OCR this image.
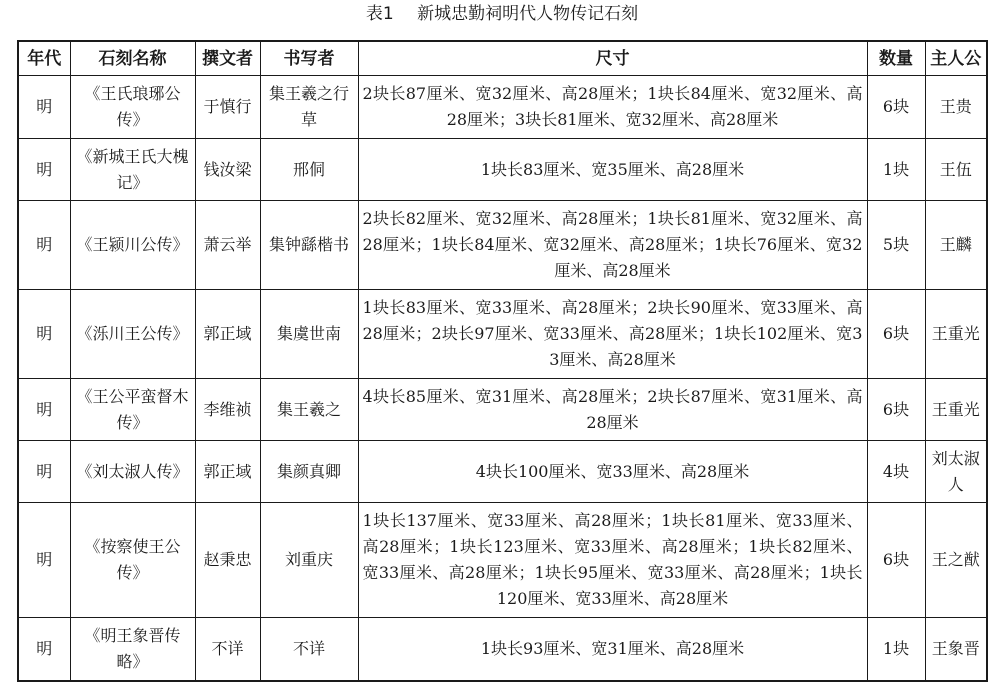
表1 新城忠勤祠明代人物传记石刻
年代	石刻名称	撰文者	书写者	尺寸	数量	主人公
明	《王氏琅琊公传》	于慎行	集王羲之行草	2块长87厘米、宽32厘米、高28厘米；1块长84厘米、宽32厘米、高28厘米；3块长81厘米、宽32厘米、高28厘米	6块	王贵
明	《新城王氏大槐记》	钱汝梁	邢侗	1块长83厘米、宽35厘米、高28厘米	1块	王伍
明	《王颍川公传》	萧云举	集钟繇楷书	2块长82厘米、宽32厘米、高28厘米；1块长81厘米、宽32厘米、高28厘米；1块长84厘米、宽32厘米、高28厘米；1块长76厘米、宽32厘米、高28厘米	5块	王麟
明	《泺川王公传》	郭正域	集虞世南	1块长83厘米、宽33厘米、高28厘米；2块长90厘米、宽33厘米、高28厘米；2块长97厘米、宽33厘米、高28厘米；1块长102厘米、宽33厘米、高28厘米	6块	王重光
明	《王公平蛮督木传》	李维祯	集王羲之	4块长85厘米、宽31厘米、高28厘米；2块长87厘米、宽31厘米、高28厘米	6块	王重光
明	《刘太淑人传》	郭正域	集颜真卿	4块长100厘米、宽33厘米、高28厘米	4块	刘太淑人
明	《按察使王公传》	赵秉忠	刘重庆	1块长137厘米、宽33厘米、高28厘米；1块长81厘米、宽33厘米、高28厘米；1块长123厘米、宽33厘米、高28厘米；1块长82厘米、宽33厘米、高28厘米；1块长95厘米、宽33厘米、高28厘米；1块长120厘米、宽33厘米、高28厘米	6块	王之猷
明	《明王象晋传略》	不详	不详	1块长93厘米、宽31厘米、高28厘米	1块	王象晋
